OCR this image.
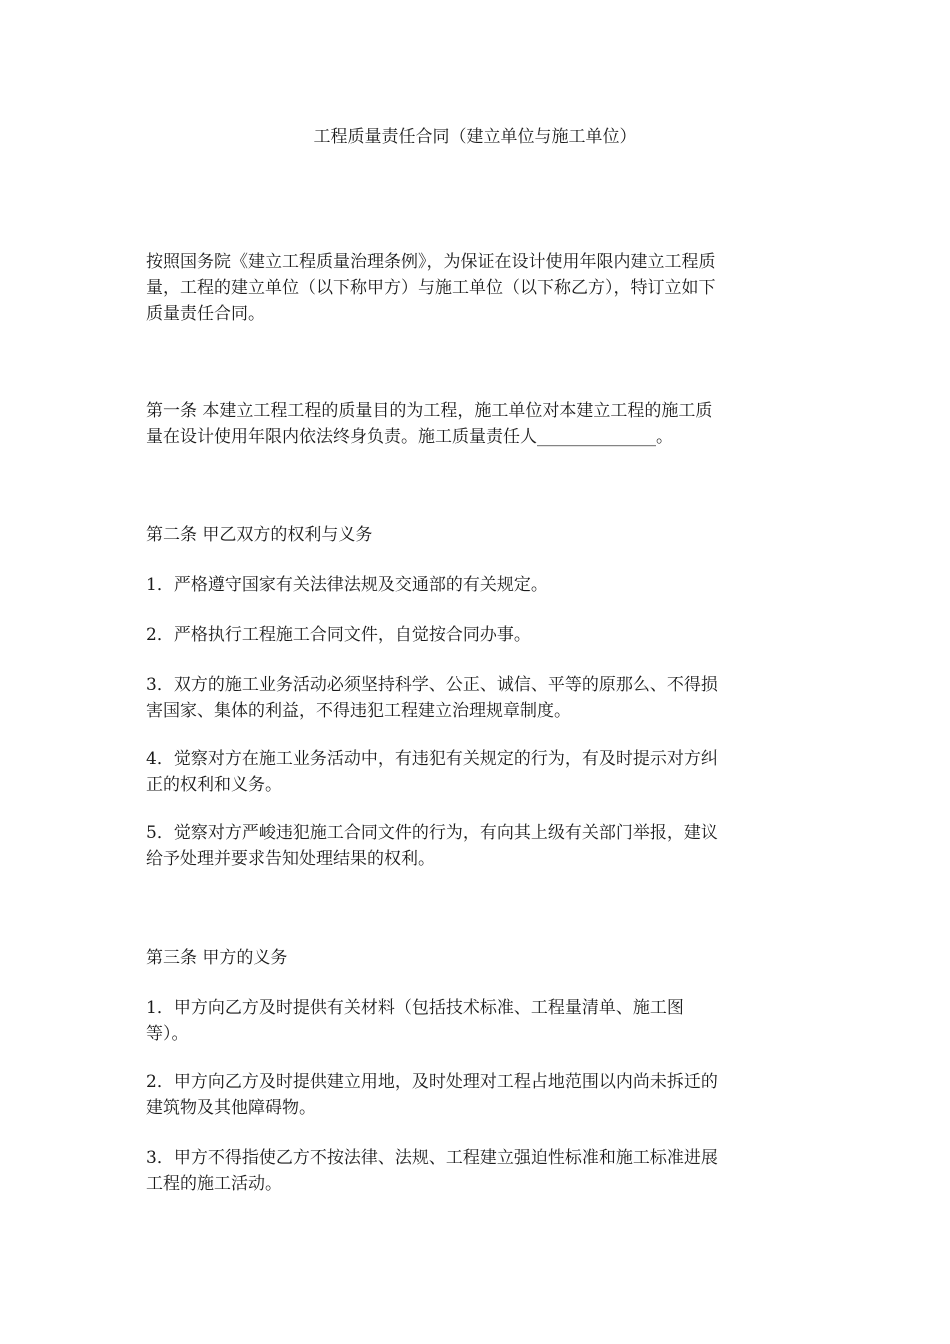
工程质量责任合同（建立单位与施工单位）

按照国务院《建立工程质量治理条例》，为保证在设计使用年限内建立工程质

量，工程的建立单位（以下称甲方）与施工单位（以下称乙方），特订立如下

质量责任合同。

第一条 本建立工程工程的质量目的为工程，施工单位对本建立工程的施工质

量在设计使用年限内依法终身负责。施工质量责任人______________。

第二条 甲乙双方的权利与义务

1．严格遵守国家有关法律法规及交通部的有关规定。

2．严格执行工程施工合同文件，自觉按合同办事。

3．双方的施工业务活动必须坚持科学、公正、诚信、平等的原那么、不得损

害国家、集体的利益，不得违犯工程建立治理规章制度。

4．觉察对方在施工业务活动中，有违犯有关规定的行为，有及时提示对方纠

正的权利和义务。

5．觉察对方严峻违犯施工合同文件的行为，有向其上级有关部门举报，建议

给予处理并要求告知处理结果的权利。

第三条 甲方的义务

1．甲方向乙方及时提供有关材料（包括技术标准、工程量清单、施工图

等）。

2．甲方向乙方及时提供建立用地，及时处理对工程占地范围以内尚未拆迁的

建筑物及其他障碍物。

3．甲方不得指使乙方不按法律、法规、工程建立强迫性标准和施工标准进展

工程的施工活动。
